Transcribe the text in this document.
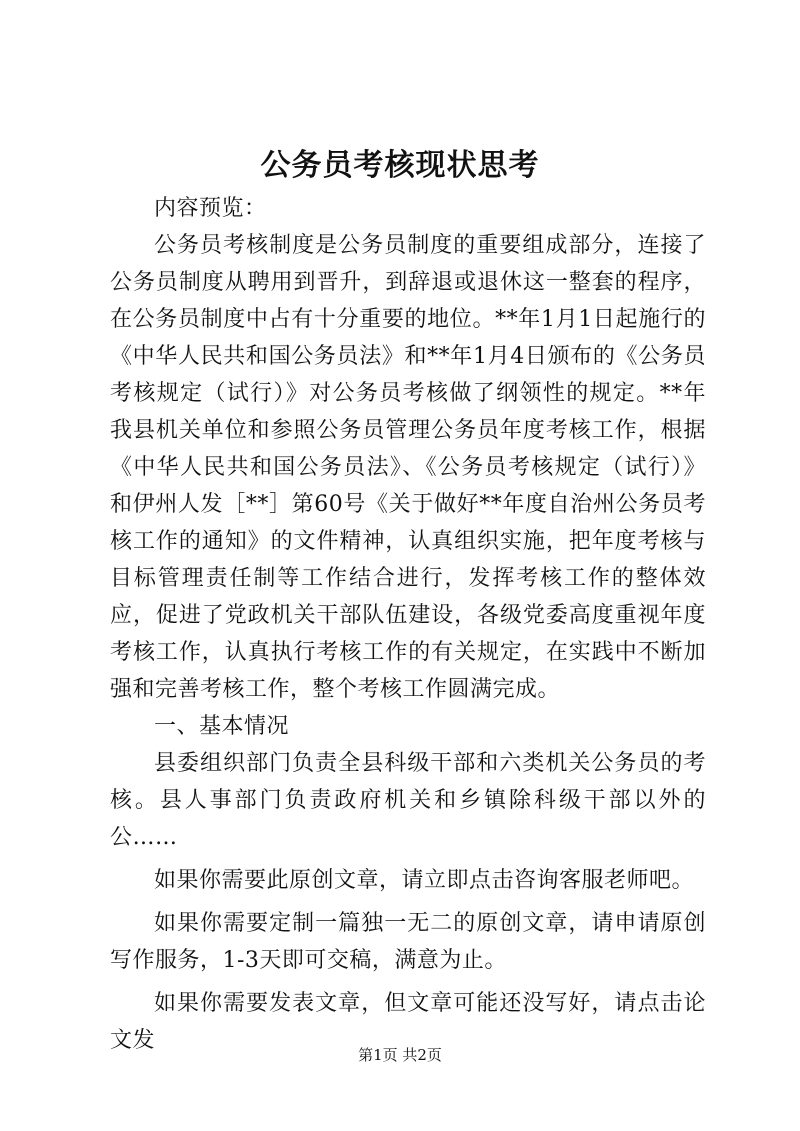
公务员考核现状思考

内容预览：

公务员考核制度是公务员制度的重要组成部分，连接了公务员制度从聘用到晋升，到辞退或退休这一整套的程序，在公务员制度中占有十分重要的地位。**年1月1日起施行的《中华人民共和国公务员法》和**年1月4日颁布的《公务员考核规定（试行）》对公务员考核做了纲领性的规定。**年我县机关单位和参照公务员管理公务员年度考核工作，根据《中华人民共和国公务员法》、《公务员考核规定（试行）》和伊州人发［**］第60号《关于做好**年度自治州公务员考核工作的通知》的文件精神，认真组织实施，把年度考核与目标管理责任制等工作结合进行，发挥考核工作的整体效应，促进了党政机关干部队伍建设，各级党委高度重视年度考核工作，认真执行考核工作的有关规定，在实践中不断加强和完善考核工作，整个考核工作圆满完成。

一、基本情况

县委组织部门负责全县科级干部和六类机关公务员的考核。县人事部门负责政府机关和乡镇除科级干部以外的公……

如果你需要此原创文章，请立即点击咨询客服老师吧。

如果你需要定制一篇独一无二的原创文章，请申请原创写作服务，1-3天即可交稿，满意为止。

如果你需要发表文章，但文章可能还没写好，请点击论文发

第1页 共2页
